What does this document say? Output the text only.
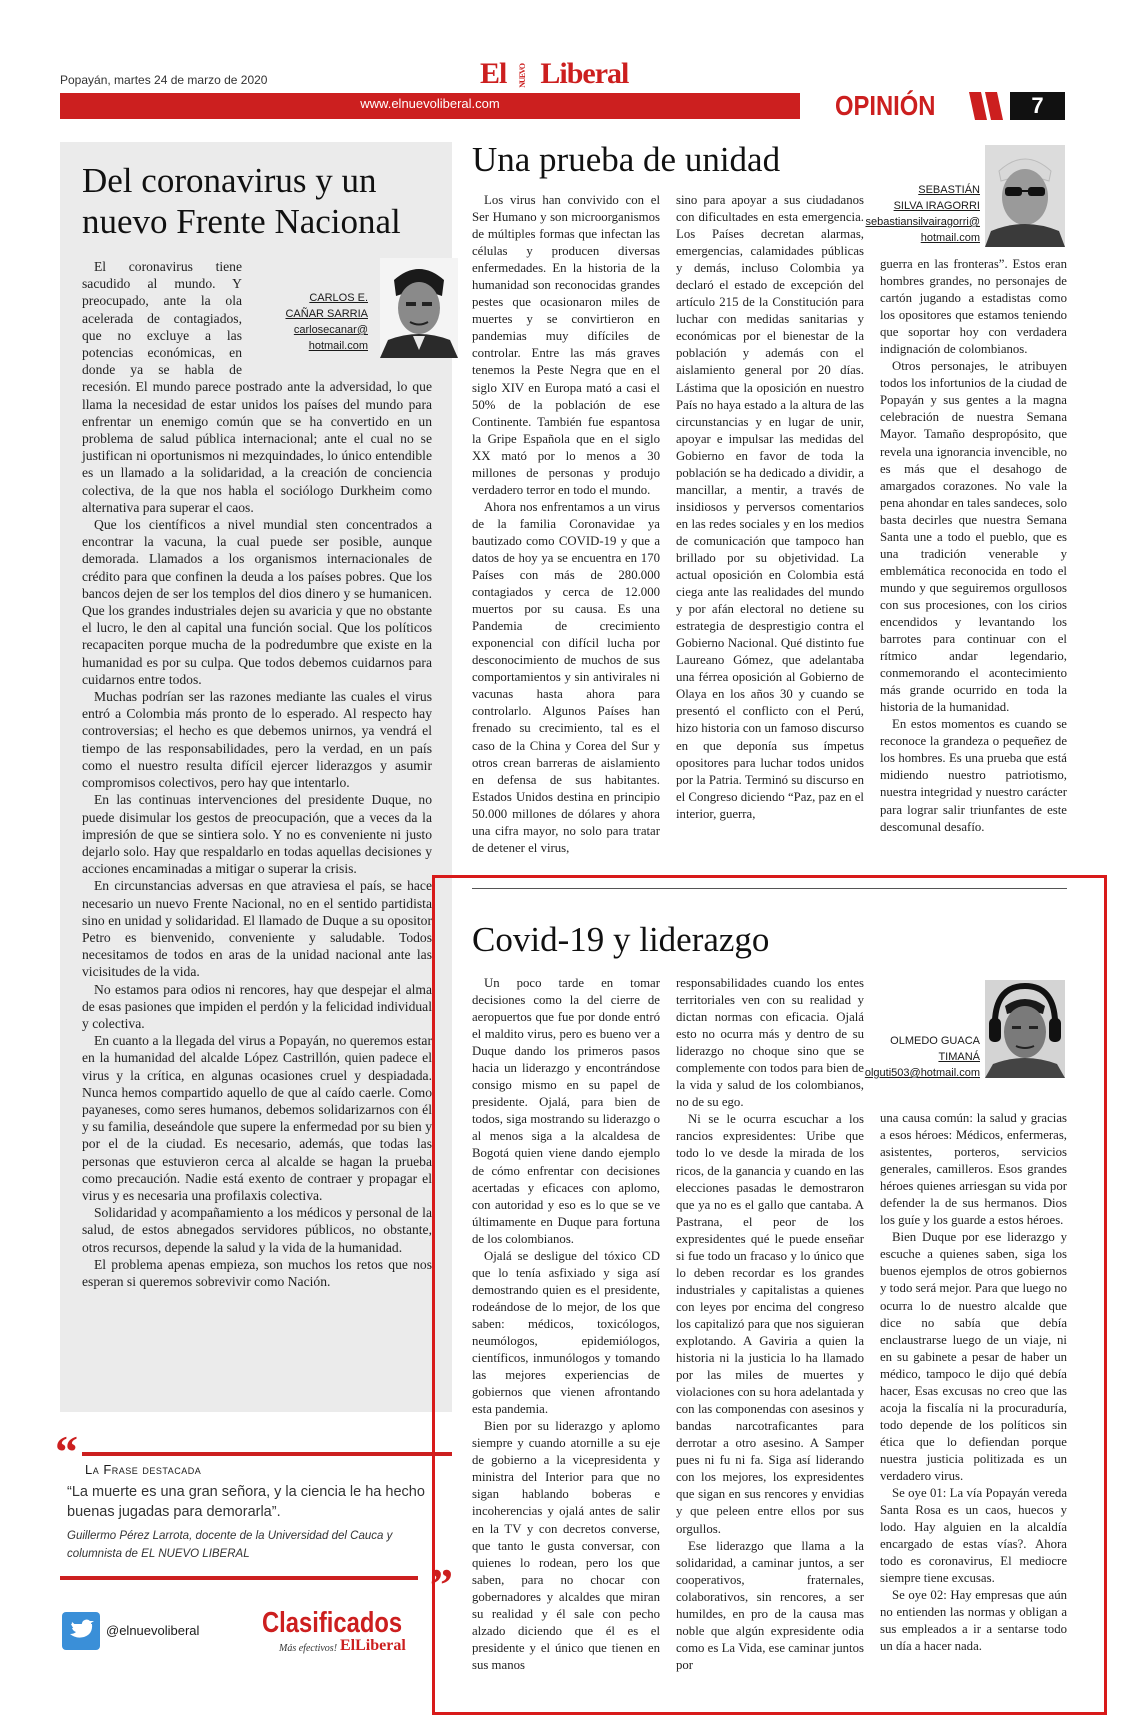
Popayán, martes 24 de marzo de 2020	El NUEVO Liberal
www.elnuevoliberal.com	OPINIÓN	7
Del coronavirus y un nuevo Frente Nacional

El coronavirus tiene sacudido al mundo. Y preocupado, ante la ola acelerada de contagiados, que no excluye a las potencias económicas, en donde ya se habla de recesión. El mundo parece postrado ante la adversidad, lo que llama la necesidad de estar unidos los países del mundo para enfrentar un enemigo común que se ha convertido en un problema de salud pública internacional; ante el cual no se justifican ni oportunismos ni mezquindades, lo único entendible es un llamado a la solidaridad, a la creación de conciencia colectiva, de la que nos habla el sociólogo Durkheim como alternativa para superar el caos.

Que los científicos a nivel mundial sten concentrados a encontrar la vacuna, la cual puede ser posible, aunque demorada. Llamados a los organismos internacionales de crédito para que confinen la deuda a los países pobres. Que los bancos dejen de ser los templos del dios dinero y se humanicen. Que los grandes industriales dejen su avaricia y que no obstante el lucro, le den al capital una función social. Que los políticos recapaciten porque mucha de la podredumbre que existe en la humanidad es por su culpa. Que todos debemos cuidarnos para cuidarnos entre todos.

Muchas podrían ser las razones mediante las cuales el virus entró a Colombia más pronto de lo esperado. Al respecto hay controversias; el hecho es que debemos unirnos, ya vendrá el tiempo de las responsabilidades, pero la verdad, en un país como el nuestro resulta difícil ejercer liderazgos y asumir compromisos colectivos, pero hay que intentarlo.

En las continuas intervenciones del presidente Duque, no puede disimular los gestos de preocupación, que a veces da la impresión de que se sintiera solo. Y no es conveniente ni justo dejarlo solo. Hay que respaldarlo en todas aquellas decisiones y acciones encaminadas a mitigar o superar la crisis.

En circunstancias adversas en que atraviesa el país, se hace necesario un nuevo Frente Nacional, no en el sentido partidista sino en unidad y solidaridad. El llamado de Duque a su opositor Petro es bienvenido, conveniente y saludable. Todos necesitamos de todos en aras de la unidad nacional ante las vicisitudes de la vida.

No estamos para odios ni rencores, hay que despejar el alma de esas pasiones que impiden el perdón y la felicidad individual y colectiva.

En cuanto a la llegada del virus a Popayán, no queremos estar en la humanidad del alcalde López Castrillón, quien padece el virus y la crítica, en algunas ocasiones cruel y despiadada. Nunca hemos compartido aquello de que al caído caerle. Como payaneses, como seres humanos, debemos solidarizarnos con él y su familia, deseándole que supere la enfermedad por su bien y por el de la ciudad. Es necesario, además, que todas las personas que estuvieron cerca al alcalde se hagan la prueba como precaución. Nadie está exento de contraer y propagar el virus y es necesaria una profilaxis colectiva.

Solidaridad y acompañamiento a los médicos y personal de la salud, de estos abnegados servidores públicos, no obstante, otros recursos, depende la salud y la vida de la humanidad.

El problema apenas empieza, son muchos los retos que nos esperan si queremos sobrevivir como Nación.

CARLOS E.
CAÑAR SARRIA
carlosecanar@
hotmail.com
“ La Frase destacada
“La muerte es una gran señora, y la ciencia le ha hecho buenas jugadas para demorarla”.
Guillermo Pérez Larrota, docente de la Universidad del Cauca y
columnista de EL NUEVO LIBERAL
”
@elnuevoliberal Clasificados
Más efectivos! ElLiberal
Una prueba de unidad
SEBASTIÁN
SILVA IRAGORRI
sebastiansilvairagorri@
hotmail.com

Los virus han convivido con el Ser Humano y son microorganismos de múltiples formas que infectan las células y producen diversas enfermedades. En la historia de la humanidad son reconocidas grandes pestes que ocasionaron miles de muertes y se convirtieron en pandemias muy difíciles de controlar. Entre las más graves tenemos la Peste Negra que en el siglo XIV en Europa mató a casi el 50% de la población de ese Continente. También fue espantosa la Gripe Española que en el siglo XX mató por lo menos a 30 millones de personas y produjo verdadero terror en todo el mundo.

Ahora nos enfrentamos a un virus de la familia Coronavidae ya bautizado como COVID-19 y que a datos de hoy ya se encuentra en 170 Países con más de 280.000 contagiados y cerca de 12.000 muertos por su causa. Es una Pandemia de crecimiento exponencial con difícil lucha por desconocimiento de muchos de sus comportamientos y sin antivirales ni vacunas hasta ahora para controlarlo. Algunos Países han frenado su crecimiento, tal es el caso de la China y Corea del Sur y otros crean barreras de aislamiento en defensa de sus habitantes. Estados Unidos destina en principio 50.000 millones de dólares y ahora una cifra mayor, no solo para tratar de detener el virus,

sino para apoyar a sus ciudadanos con dificultades en esta emergencia. Los Países decretan alarmas, emergencias, calamidades públicas y demás, incluso Colombia ya declaró el estado de excepción del artículo 215 de la Constitución para luchar con medidas sanitarias y económicas por el bienestar de la población y además con el aislamiento general por 20 días. Lástima que la oposición en nuestro País no haya estado a la altura de las circunstancias y en lugar de unir, apoyar e impulsar las medidas del Gobierno en favor de toda la población se ha dedicado a dividir, a mancillar, a mentir, a través de insidiosos y perversos comentarios en las redes sociales y en los medios de comunicación que tampoco han brillado por su objetividad. La actual oposición en Colombia está ciega ante las realidades del mundo y por afán electoral no detiene su estrategia de desprestigio contra el Gobierno Nacional. Qué distinto fue Laureano Gómez, que adelantaba una férrea oposición al Gobierno de Olaya en los años 30 y cuando se presentó el conflicto con el Perú, hizo historia con un famoso discurso en que deponía sus ímpetus opositores para luchar todos unidos por la Patria. Terminó su discurso en el Congreso diciendo “Paz, paz en el interior, guerra,

guerra en las fronteras”. Estos eran hombres grandes, no personajes de cartón jugando a estadistas como los opositores que estamos teniendo que soportar hoy con verdadera indignación de colombianos.

Otros personajes, le atribuyen todos los infortunios de la ciudad de Popayán y sus gentes a la magna celebración de nuestra Semana Mayor. Tamaño despropósito, que revela una ignorancia invencible, no es más que el desahogo de amargados corazones. No vale la pena ahondar en tales sandeces, solo basta decirles que nuestra Semana Santa une a todo el pueblo, que es una tradición venerable y emblemática reconocida en todo el mundo y que seguiremos orgullosos con sus procesiones, con los cirios encendidos y levantando los barrotes para continuar con el rítmico andar legendario, conmemorando el acontecimiento más grande ocurrido en toda la historia de la humanidad.

En estos momentos es cuando se reconoce la grandeza o pequeñez de los hombres. Es una prueba que está midiendo nuestro patriotismo, nuestra integridad y nuestro carácter para lograr salir triunfantes de este descomunal desafío.

Covid-19 y liderazgo
OLMEDO GUACA
TIMANÁ
olguti503@hotmail.com

Un poco tarde en tomar decisiones como la del cierre de aeropuertos que fue por donde entró el maldito virus, pero es bueno ver a Duque dando los primeros pasos hacia un liderazgo y encontrándose consigo mismo en su papel de presidente. Ojalá, para bien de todos, siga mostrando su liderazgo o al menos siga a la alcaldesa de Bogotá quien viene dando ejemplo de cómo enfrentar con decisiones acertadas y eficaces con aplomo, con autoridad y eso es lo que se ve últimamente en Duque para fortuna de los colombianos.

Ojalá se desligue del tóxico CD que lo tenía asfixiado y siga así demostrando quien es el presidente, rodeándose de lo mejor, de los que saben: médicos, toxicólogos, neumólogos, epidemiólogos, científicos, inmunólogos y tomando las mejores experiencias de gobiernos que vienen afrontando esta pandemia.

Bien por su liderazgo y aplomo siempre y cuando atornille a su eje de gobierno a la vicepresidenta y ministra del Interior para que no sigan hablando boberas e incoherencias y ojalá antes de salir en la TV y con decretos converse, que tanto le gusta conversar, con quienes lo rodean, pero los que saben, para no chocar con gobernadores y alcaldes que miran su realidad y él sale con pecho alzado diciendo que él es el presidente y el único que tienen en sus manos

responsabilidades cuando los entes territoriales ven con su realidad y dictan normas con eficacia. Ojalá esto no ocurra más y dentro de su liderazgo no choque sino que se complemente con todos para bien de la vida y salud de los colombianos, no de su ego.

Ni se le ocurra escuchar a los rancios expresidentes: Uribe que todo lo ve desde la mirada de los ricos, de la ganancia y cuando en las elecciones pasadas le demostraron que ya no es el gallo que cantaba. A Pastrana, el peor de los expresidentes qué le puede enseñar si fue todo un fracaso y lo único que lo deben recordar es los grandes industriales y capitalistas a quienes con leyes por encima del congreso los capitalizó para que nos siguieran explotando. A Gaviria a quien la historia ni la justicia lo ha llamado por las miles de muertes y violaciones con su hora adelantada y con las componendas con asesinos y bandas narcotraficantes para derrotar a otro asesino. A Samper pues ni fu ni fa. Siga así liderando con los mejores, los expresidentes que sigan en sus rencores y envidias y que peleen entre ellos por sus orgullos.

Ese liderazgo que llama a la solidaridad, a caminar juntos, a ser cooperativos, fraternales, colaborativos, sin rencores, a ser humildes, en pro de la causa mas noble que algún expresidente odia como es La Vida, ese caminar juntos por

una causa común: la salud y gracias a esos héroes: Médicos, enfermeras, asistentes, porteros, servicios generales, camilleros. Esos grandes héroes quienes arriesgan su vida por defender la de sus hermanos. Dios los guíe y los guarde a estos héroes.

Bien Duque por ese liderazgo y escuche a quienes saben, siga los buenos ejemplos de otros gobiernos y todo será mejor. Para que luego no ocurra lo de nuestro alcalde que dice no sabía que debía enclaustrarse luego de un viaje, ni en su gabinete a pesar de haber un médico, tampoco le dijo qué debía hacer, Esas excusas no creo que las acoja la fiscalía ni la procuraduría, todo depende de los políticos sin ética que lo defiendan porque nuestra justicia politizada es un verdadero virus.

Se oye 01: La vía Popayán vereda Santa Rosa es un caos, huecos y lodo. Hay alguien en la alcaldía encargado de estas vías?. Ahora todo es coronavirus, El mediocre siempre tiene excusas.

Se oye 02: Hay empresas que aún no entienden las normas y obligan a sus empleados a ir a sentarse todo un día a hacer nada.
